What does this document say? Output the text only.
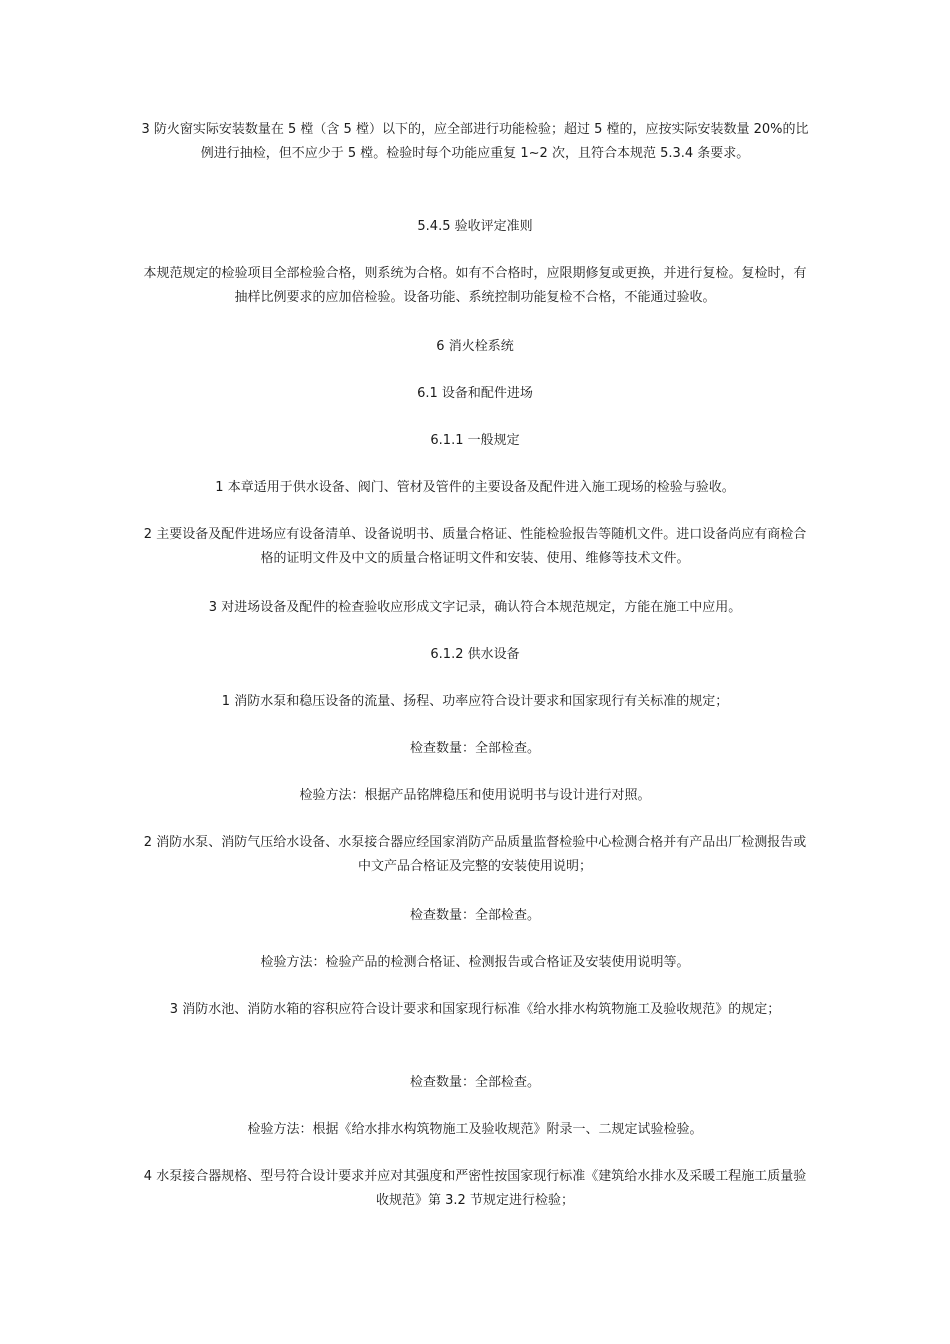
3 防火窗实际安装数量在 5 樘（含 5 樘）以下的，应全部进行功能检验；超过 5 樘的，应按实际安装数量 20%的比例进行抽检，但不应少于 5 樘。检验时每个功能应重复 1~2 次，且符合本规范 5.3.4 条要求。

5.4.5 验收评定准则

本规范规定的检验项目全部检验合格，则系统为合格。如有不合格时，应限期修复或更换，并进行复检。复检时，有抽样比例要求的应加倍检验。设备功能、系统控制功能复检不合格，不能通过验收。

6 消火栓系统

6.1 设备和配件进场

6.1.1 一般规定

1 本章适用于供水设备、阀门、管材及管件的主要设备及配件进入施工现场的检验与验收。

2 主要设备及配件进场应有设备清单、设备说明书、质量合格证、性能检验报告等随机文件。进口设备尚应有商检合格的证明文件及中文的质量合格证明文件和安装、使用、维修等技术文件。

3 对进场设备及配件的检查验收应形成文字记录，确认符合本规范规定，方能在施工中应用。

6.1.2 供水设备

1 消防水泵和稳压设备的流量、扬程、功率应符合设计要求和国家现行有关标准的规定；

检查数量：全部检查。

检验方法：根据产品铭牌稳压和使用说明书与设计进行对照。

2 消防水泵、消防气压给水设备、水泵接合器应经国家消防产品质量监督检验中心检测合格并有产品出厂检测报告或中文产品合格证及完整的安装使用说明；

检查数量：全部检查。

检验方法：检验产品的检测合格证、检测报告或合格证及安装使用说明等。

3 消防水池、消防水箱的容积应符合设计要求和国家现行标准《给水排水构筑物施工及验收规范》的规定；

检查数量：全部检查。

检验方法：根据《给水排水构筑物施工及验收规范》附录一、二规定试验检验。

4 水泵接合器规格、型号符合设计要求并应对其强度和严密性按国家现行标准《建筑给水排水及采暖工程施工质量验收规范》第 3.2 节规定进行检验；
